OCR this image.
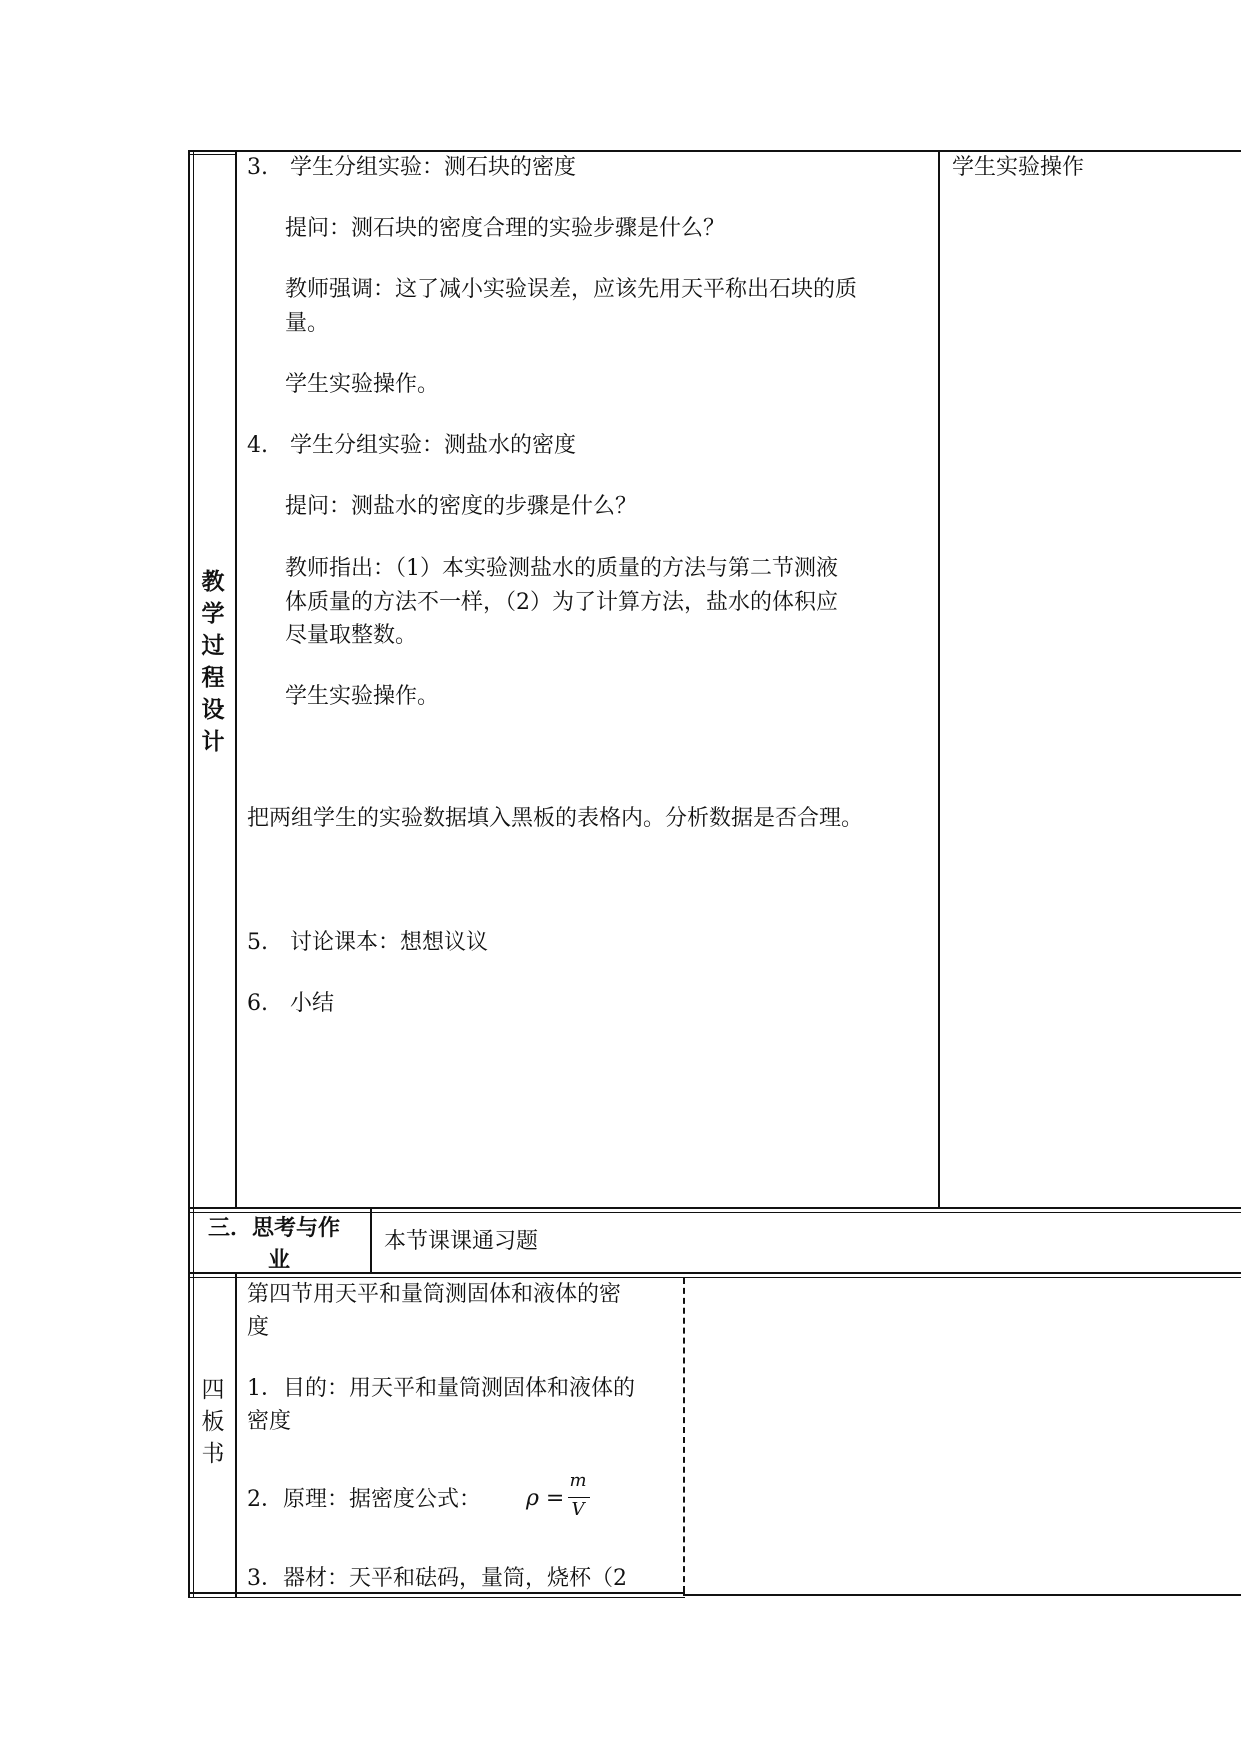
教
学
过
程
设
计
3.　学生分组实验：测石块的密度
提问：测石块的密度合理的实验步骤是什么？
教师强调：这了减小实验误差，应该先用天平称出石块的质
量。
学生实验操作。
4.　学生分组实验：测盐水的密度
提问：测盐水的密度的步骤是什么？
教师指出：（1）本实验测盐水的质量的方法与第二节测液
体质量的方法不一样，（2）为了计算方法，盐水的体积应
尽量取整数。
学生实验操作。
把两组学生的实验数据填入黑板的表格内。分析数据是否合理。
5.　讨论课本：想想议议
6.　小结
学生实验操作
三．思考与作
业
本节课课通习题
四
板
书
第四节用天平和量筒测固体和液体的密
度
1．目的：用天平和量筒测固体和液体的
密度
2．原理：据密度公式： ρ =
m
V
3．器材：天平和砝码，量筒，烧杯（2
